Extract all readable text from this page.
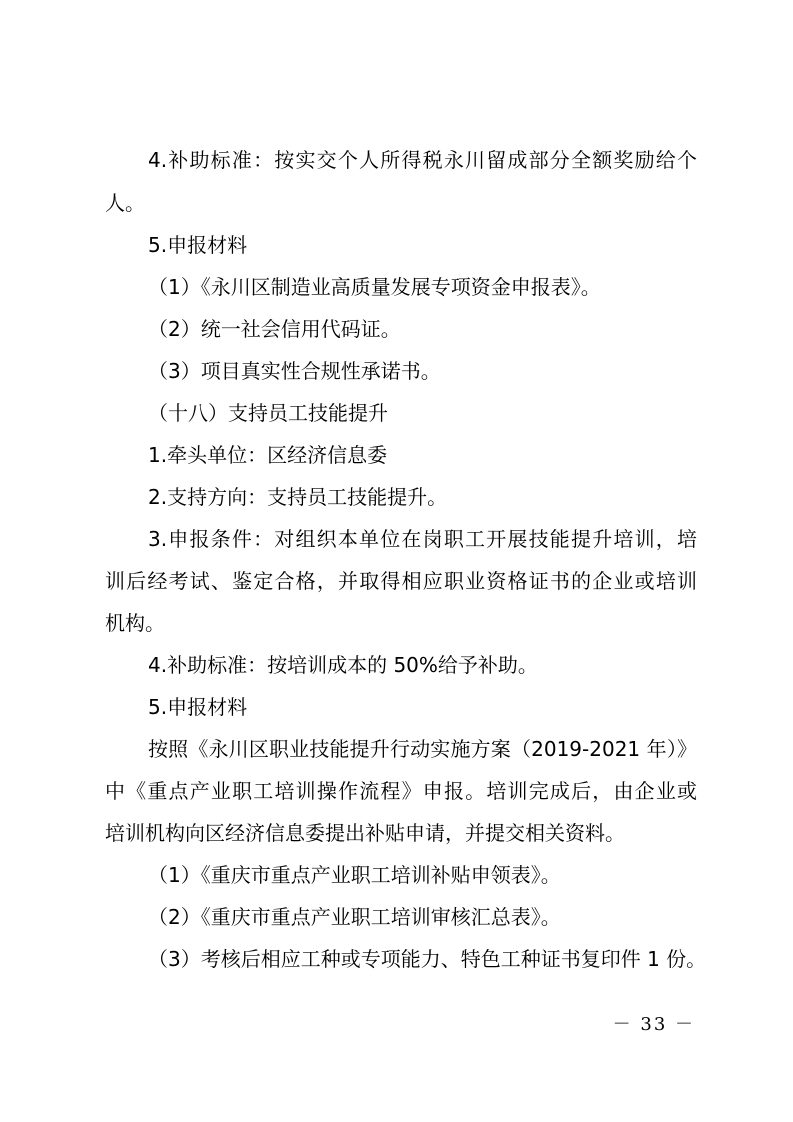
4.补助标准：按实交个人所得税永川留成部分全额奖励给个
人。
5.申报材料
（1）《永川区制造业高质量发展专项资金申报表》。
（2）统一社会信用代码证。
（3）项目真实性合规性承诺书。
（十八）支持员工技能提升
1.牵头单位：区经济信息委
2.支持方向：支持员工技能提升。
3.申报条件：对组织本单位在岗职工开展技能提升培训，培
训后经考试、鉴定合格，并取得相应职业资格证书的企业或培训
机构。
4.补助标准：按培训成本的 50%给予补助。
5.申报材料
按照《永川区职业技能提升行动实施方案（2019-2021 年）》
中《重点产业职工培训操作流程》申报。培训完成后，由企业或
培训机构向区经济信息委提出补贴申请，并提交相关资料。
（1）《重庆市重点产业职工培训补贴申领表》。
（2）《重庆市重点产业职工培训审核汇总表》。
（3）考核后相应工种或专项能力、特色工种证书复印件 1 份。
－ 33 －
